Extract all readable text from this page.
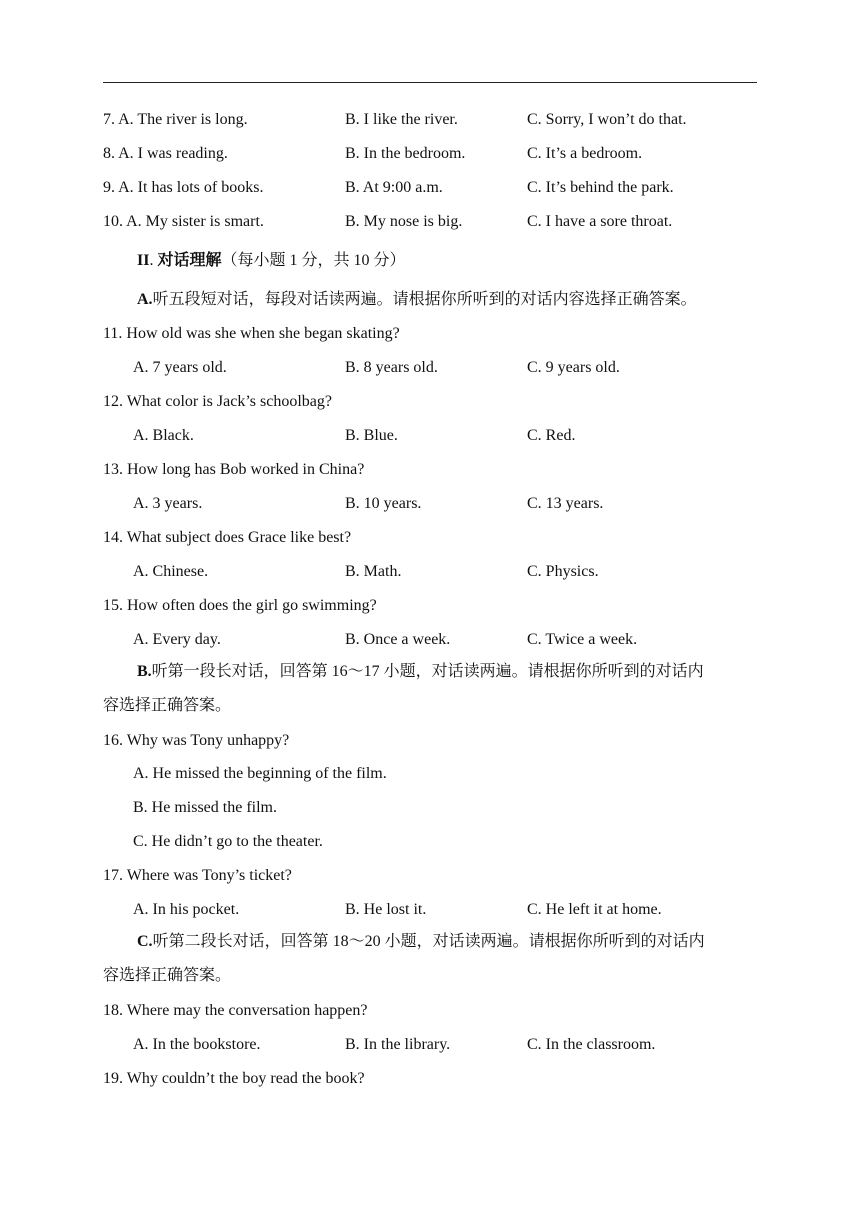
7. A. The river is long.	B. I like the river.	C. Sorry, I won’t do that.
8. A. I was reading.	B. In the bedroom.	C. It’s a bedroom.
9. A. It has lots of books.	B. At 9:00 a.m.	C. It’s behind the park.
10. A. My sister is smart.	B. My nose is big.	C. I have a sore throat.
II. 对话理解（每小题 1 分，共 10 分）
A.听五段短对话，每段对话读两遍。请根据你所听到的对话内容选择正确答案。
11. How old was she when she began skating?
A. 7 years old.	B. 8 years old.	C. 9 years old.
12. What color is Jack’s schoolbag?
A. Black.	B. Blue.	C. Red.
13. How long has Bob worked in China?
A. 3 years.	B. 10 years.	C. 13 years.
14. What subject does Grace like best?
A. Chinese.	B. Math.	C. Physics.
15. How often does the girl go swimming?
A. Every day.	B. Once a week.	C. Twice a week.
B.听第一段长对话，回答第 16～17 小题，对话读两遍。请根据你所听到的对话内
容选择正确答案。
16. Why was Tony unhappy?
A. He missed the beginning of the film.
B. He missed the film.
C. He didn’t go to the theater.
17. Where was Tony’s ticket?
A. In his pocket.	B. He lost it.	C. He left it at home.
C.听第二段长对话，回答第 18～20 小题，对话读两遍。请根据你所听到的对话内
容选择正确答案。
18. Where may the conversation happen?
A. In the bookstore.	B. In the library.	C. In the classroom.
19. Why couldn’t the boy read the book?
